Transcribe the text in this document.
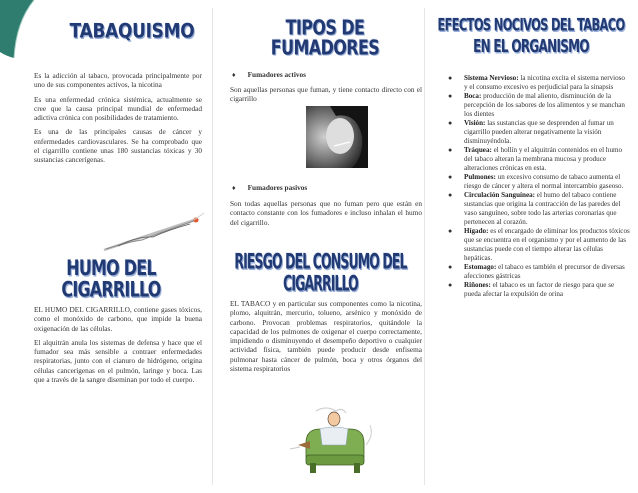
TABAQUISMO
Es la adicción al tabaco, provocada principalmente por uno de sus componentes activos, la nicotina
Es una enfermedad crónica sistémica, actualmente se cree que la causa principal mundial de enfermedad adictiva crónica con posibilidades de tratamiento.
Es una de las principales causas de cáncer y enfermedades cardiovasculares. Se ha comprobado que el cigarrillo contiene unas 180 sustancias tóxicas y 30 sustancias cancerígenas.
HUMO DEL CIGARRILLO
EL HUMO DEL CIGARRILLO, contiene gases tóxicos, como el monóxido de carbono, que impide la buena oxigenación de las células.
El alquitrán anula los sistemas de defensa y hace que el fumador sea más sensible a contraer enfermedades respiratorias, junto con el cianuro de hidrógeno, origina células cancerígenas en el pulmón, laringe y boca. Las que a través de la sangre diseminan por todo el cuerpo.
TIPOS DE FUMADORES
♦ Fumadores activos
Son aquellas personas que fuman, y tiene contacto directo con el cigarrillo
♦ Fumadores pasivos
Son todas aquellas personas que no fuman pero que están en contacto constante con los fumadores e incluso inhalan el humo del cigarrillo.
RIESGO DEL CONSUMO DEL CIGARRILLO
EL TABACO y en particular sus componentes como la nicotina, plomo, alquitrán, mercurio, tolueno, arsénico y monóxido de carbono. Provocan problemas respiratorios, quitándole la capacidad de los pulmones de oxigenar el cuerpo correctamente, impidiendo o disminuyendo el desempeño deportivo o cualquier actividad física, también puede producir desde enfisema pulmonar hasta cáncer de pulmón, boca y otros órganos del sistema respiratorios
EFECTOS NOCIVOS DEL TABACO
EN EL ORGANISMO
● Sistema Nervioso: la nicotina excita el sistema nervioso y el consumo excesivo es perjudicial para la sinapsis
● Boca: producción de mal aliento, disminución de la percepción de los sabores de los alimentos y se manchan los dientes
● Visión: las sustancias que se desprenden al fumar un cigarrillo pueden alterar negativamente la visión disminuyéndola.
● Tráquea: el hollín y el alquitrán contenidos en el humo del tabaco alteran la membrana mucosa y produce alteraciones crónicas en esta.
● Pulmones: un excesivo consumo de tabaco aumenta el riesgo de cáncer y altera el normal intercambio gaseoso.
● Circulación Sanguínea: el humo del tabaco contiene sustancias que origina la contracción de las paredes del vaso sanguíneo, sobre todo las arterias coronarias que pertenecen al corazón.
● Hígado: es el encargado de eliminar los productos tóxicos que se encuentra en el organismo y por el aumento de las sustancias puede con el tiempo alterar las células hepáticas.
● Estomago: el tabaco es también el precursor de diversas afecciones gástricas
● Riñones: el tabaco es un factor de riesgo para que se pueda afectar la expulsión de orina
